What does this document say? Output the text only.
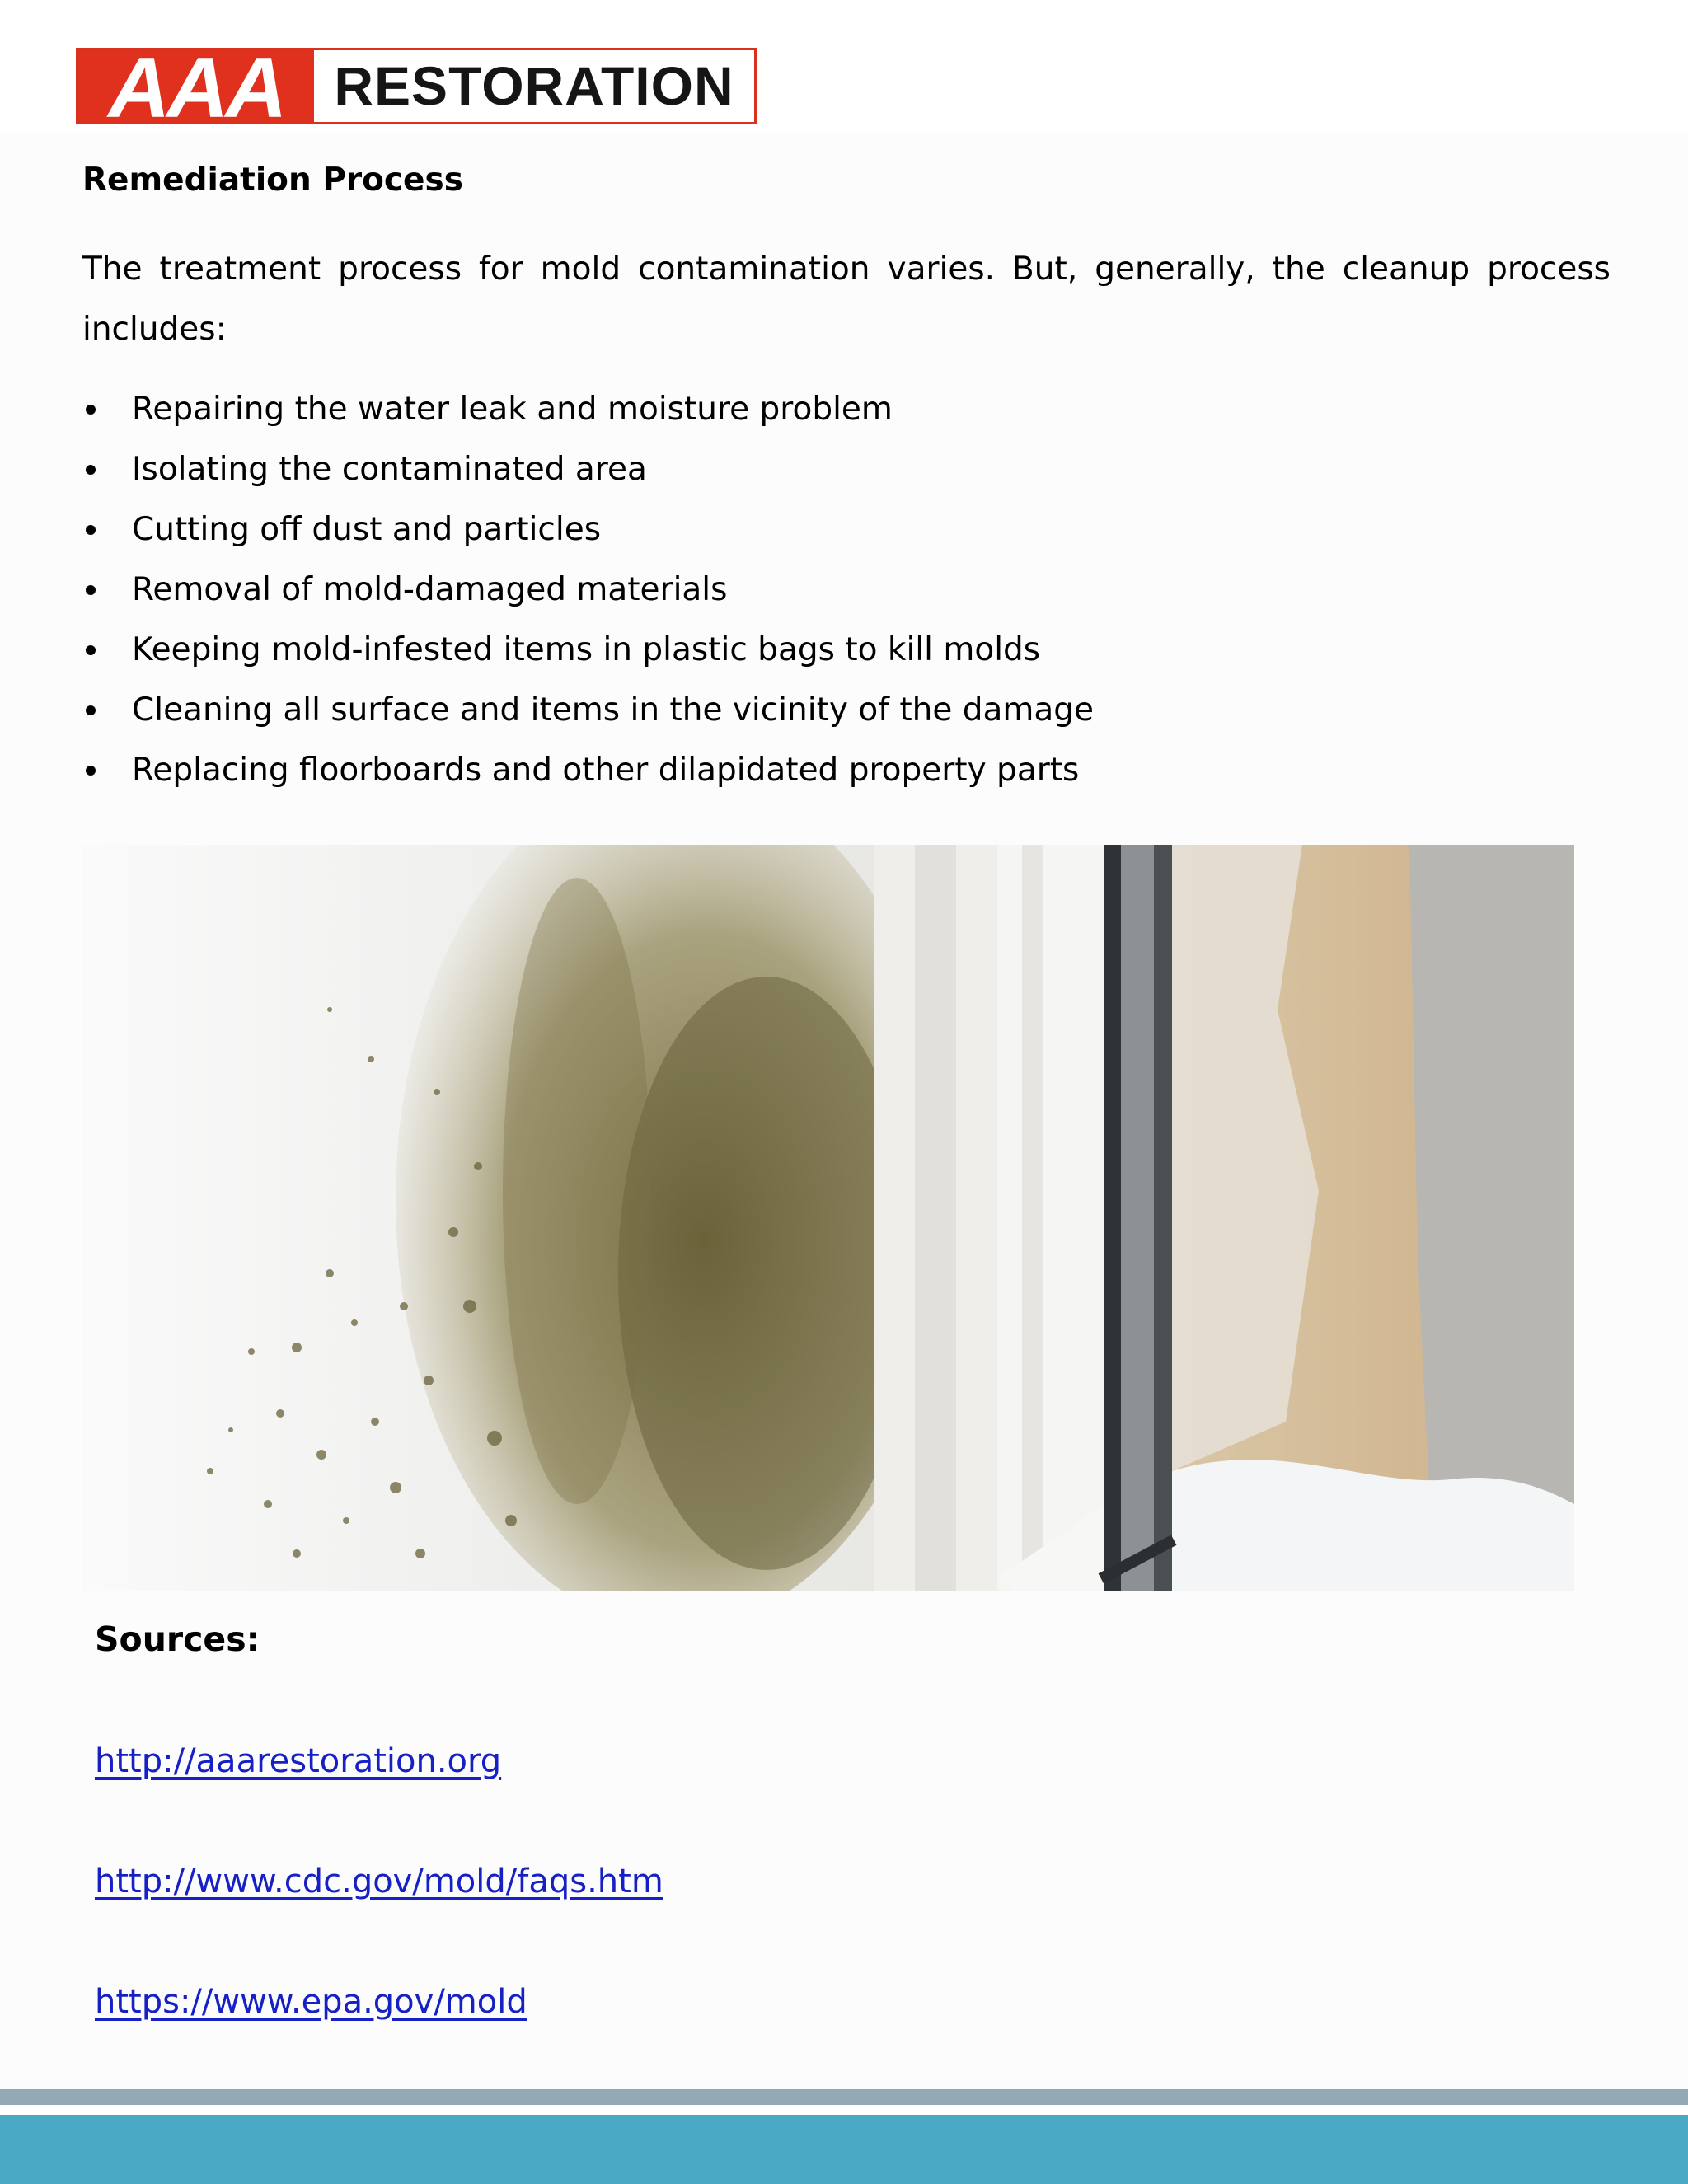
AAA RESTORATION
Remediation Process
The treatment process for mold contamination varies. But, generally, the cleanup process includes:
Repairing the water leak and moisture problem
Isolating the contaminated area
Cutting off dust and particles
Removal of mold-damaged materials
Keeping mold-infested items in plastic bags to kill molds
Cleaning all surface and items in the vicinity of the damage
Replacing floorboards and other dilapidated property parts
Sources:
http://aaarestoration.org
http://www.cdc.gov/mold/faqs.htm
https://www.epa.gov/mold
